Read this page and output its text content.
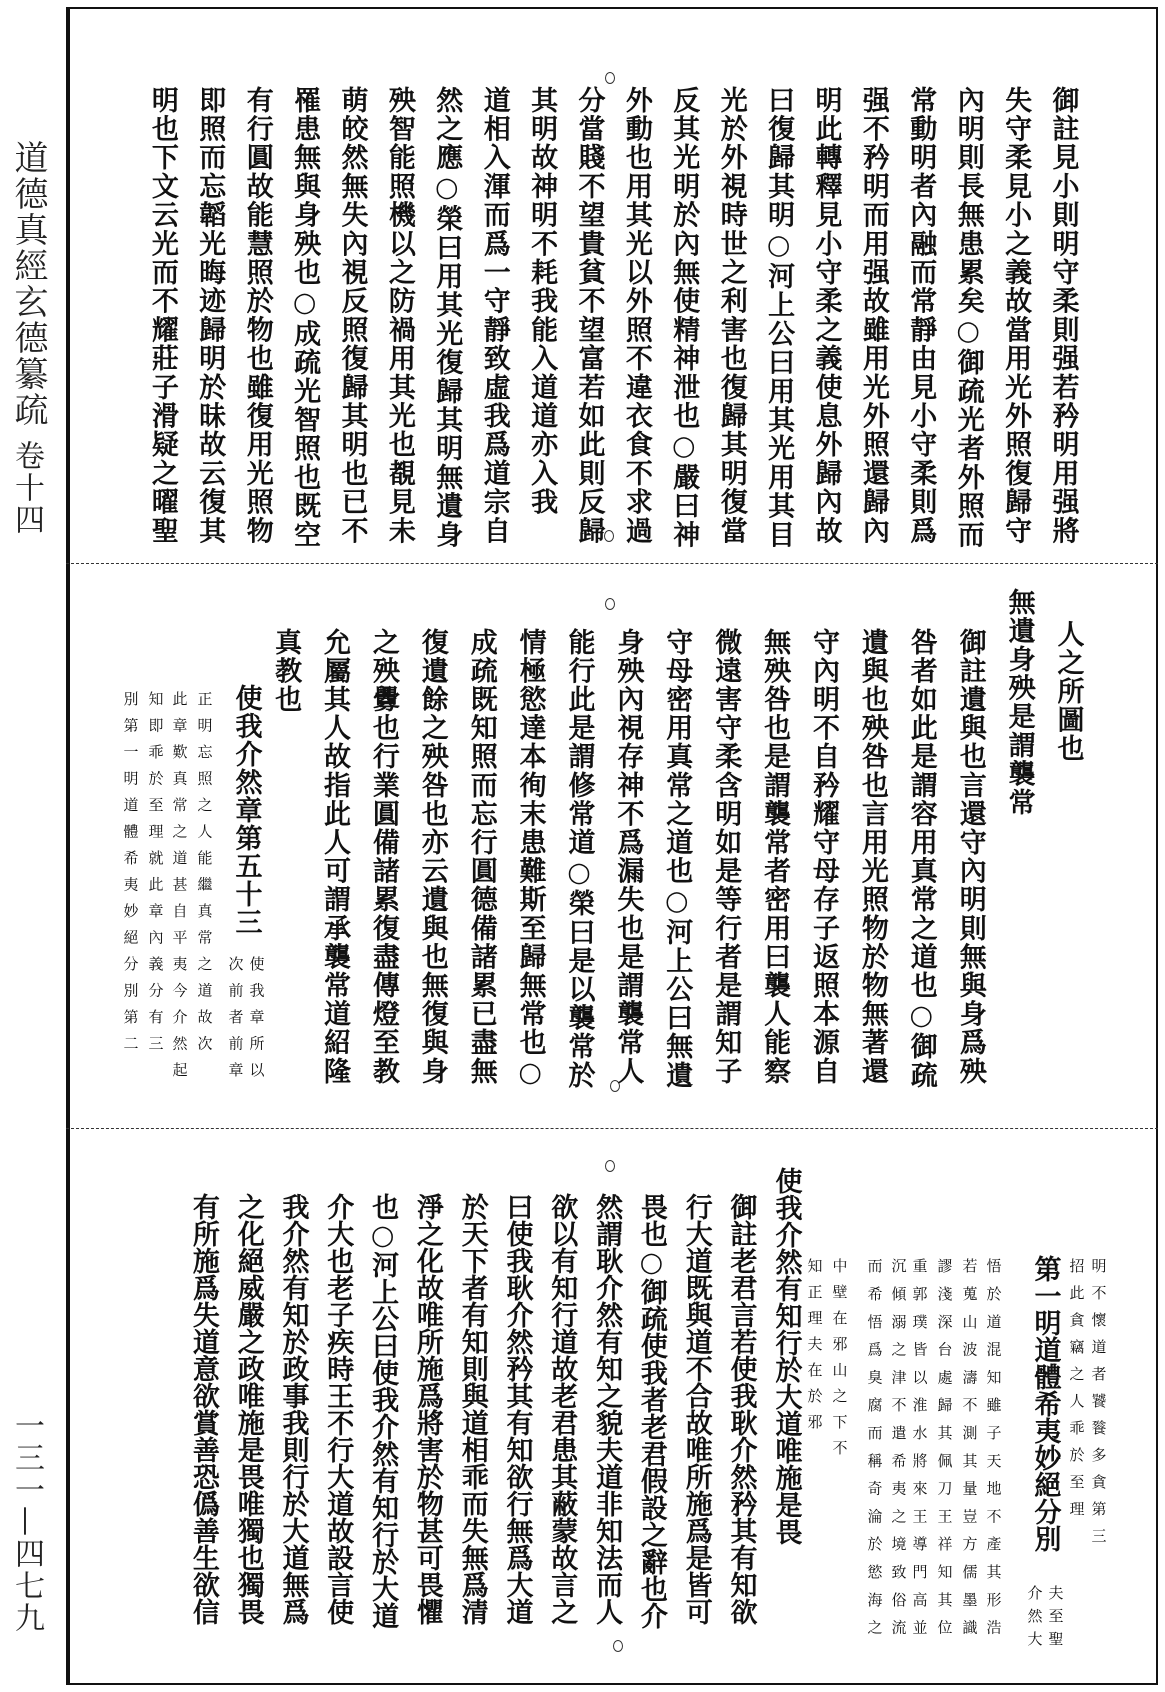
道德真經玄德纂疏
卷十四
一三一—四七九
御註見小則明守柔則强若矜明用强將
失守柔見小之義故當用光外照復歸守
內明則長無患累矣○御疏光者外照而
常動明者內融而常靜由見小守柔則爲
强不矜明而用强故雖用光外照還歸內
明此轉釋見小守柔之義使息外歸內故
曰復歸其明○河上公曰用其光用其目
光於外視時世之利害也復歸其明復當
反其光明於內無使精神泄也○嚴曰神
外動也用其光以外照不違衣食不求過
分當賤不望貴貧不望富若如此則反歸
其明故神明不耗我能入道道亦入我
道相入渾而爲一守靜致虛我爲道宗自
然之應○榮曰用其光復歸其明無遺身
殃智能照機以之防禍用其光也覩見未
萌皎然無失內視反照復歸其明也已不
罹患無與身殃也○成疏光智照也既空
有行圓故能慧照於物也雖復用光照物
即照而忘韜光晦迹歸明於昧故云復其
明也下文云光而不耀莊子滑疑之曜聖
人之所圖也
無遺身殃是謂襲常
御註遺與也言還守內明則無與身爲殃
咎者如此是謂容用真常之道也○御疏
遺與也殃咎也言用光照物於物無著還
守內明不自矜耀守母存子返照本源自
無殃咎也是謂襲常者密用曰襲人能察
微遠害守柔含明如是等行者是謂知子
守母密用真常之道也○河上公曰無遺
身殃內視存神不爲漏失也是謂襲常人
能行此是謂修常道○榮曰是以襲常於
情極慾達本徇末患難斯至歸無常也○
成疏既知照而忘行圓德備諸累已盡無
復遺餘之殃咎也亦云遺與也無復與身
之殃釁也行業圓備諸累復盡傳燈至教
允屬其人故指此人可謂承襲常道紹隆
真教也
使我介然章第五十三
使我章所以
次前者前章
正明忘照之人能繼真常之道故次
此章歎真常之道甚自平夷今介然起
知即乖於至理就此章內義分有三
別第一明道體希夷妙絕分別第二
明不懷道者饕餮多貪第三
招此貪竊之人乖於至理
第一明道體希夷妙絕分別
夫至聖
介然大
悟於道混知雖子天地不產其形浩
若蒐山波濤不測其量豈方儒墨識
謬淺深台處歸其佩刀王祥知其位
重郭璞皆以淮水將來王導門高並
沉傾溺之津不遣希夷之境致俗流
而希悟爲臭腐而稱奇淪於慾海之
中壁在邪山之下不
知正理夫在於邪
使我介然有知行於大道唯施是畏
御註老君言若使我耿介然矜其有知欲
行大道既與道不合故唯所施爲是皆可
畏也○御疏使我者老君假設之辭也介
然謂耿介然有知之貌夫道非知法而人
欲以有知行道故老君患其蔽蒙故言之
曰使我耿介然矜其有知欲行無爲大道
於天下者有知則與道相乖而失無爲清
淨之化故唯所施爲將害於物甚可畏懼
也○河上公曰使我介然有知行於大道
介大也老子疾時王不行大道故設言使
我介然有知於政事我則行於大道無爲
之化絕威嚴之政唯施是畏唯獨也獨畏
有所施爲失道意欲賞善恐僞善生欲信
